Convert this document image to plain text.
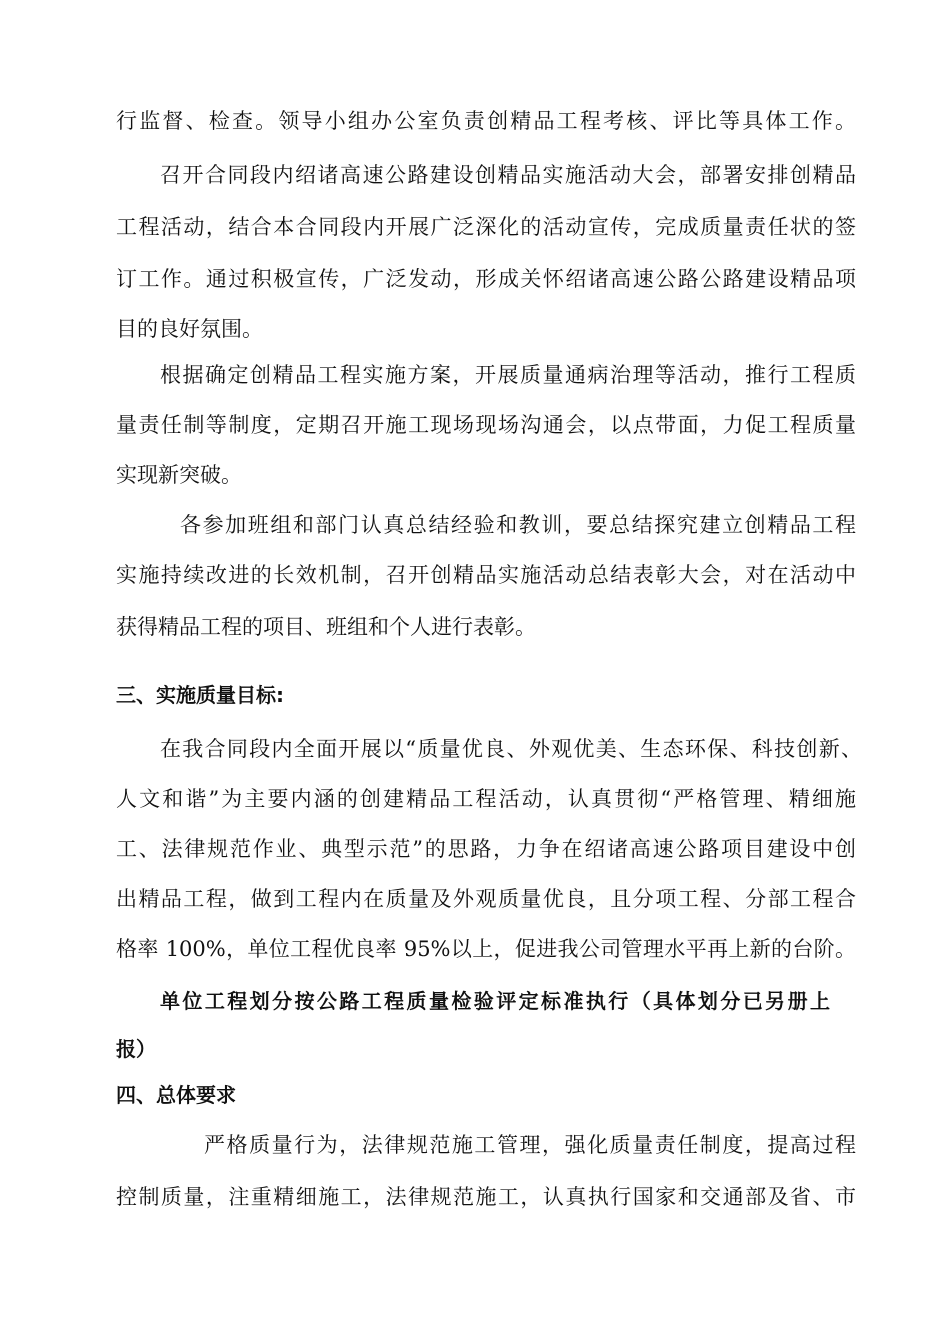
行监督、检查。领导小组办公室负责创精品工程考核、评比等具体工作。
召开合同段内绍诸高速公路建设创精品实施活动大会，部署安排创精品
工程活动，结合本合同段内开展广泛深化的活动宣传，完成质量责任状的签
订工作。通过积极宣传，广泛发动，形成关怀绍诸高速公路公路建设精品项
目的良好氛围。
根据确定创精品工程实施方案，开展质量通病治理等活动，推行工程质
量责任制等制度，定期召开施工现场现场沟通会，以点带面，力促工程质量
实现新突破。
各参加班组和部门认真总结经验和教训，要总结探究建立创精品工程
实施持续改进的长效机制，召开创精品实施活动总结表彰大会，对在活动中
获得精品工程的项目、班组和个人进行表彰。
三、实施质量目标:
在我合同段内全面开展以“质量优良、外观优美、生态环保、科技创新、
人文和谐”为主要内涵的创建精品工程活动，认真贯彻“严格管理、精细施
工、法律规范作业、典型示范”的思路，力争在绍诸高速公路项目建设中创
出精品工程，做到工程内在质量及外观质量优良，且分项工程、分部工程合
格率 100%，单位工程优良率 95%以上，促进我公司管理水平再上新的台阶。
单位工程划分按公路工程质量检验评定标准执行（具体划分已另册上
报）
四、总体要求
严格质量行为，法律规范施工管理，强化质量责任制度，提高过程
控制质量，注重精细施工，法律规范施工，认真执行国家和交通部及省、市
